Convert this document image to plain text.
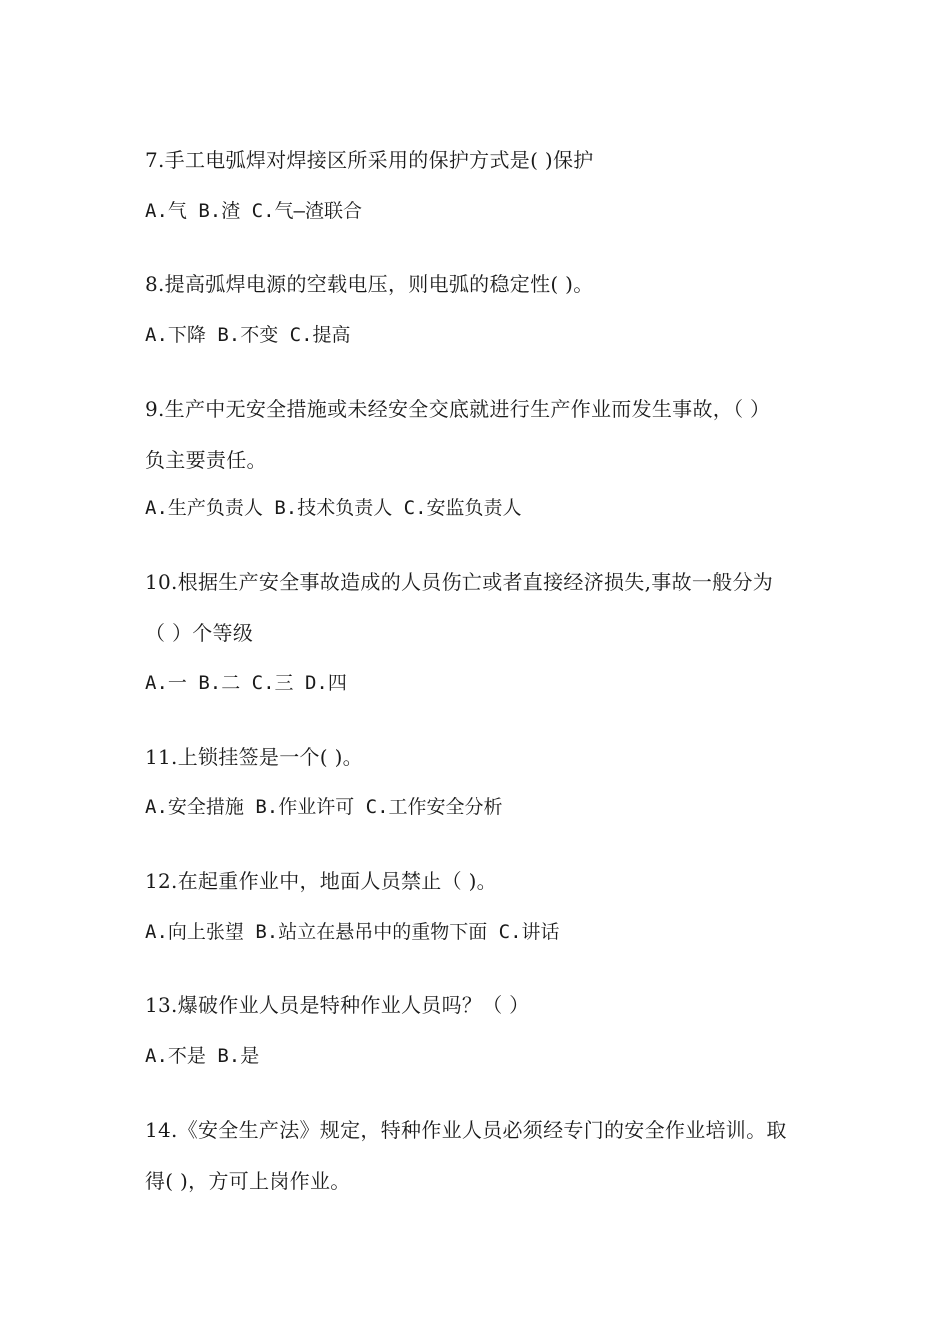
7.手工电弧焊对焊接区所采用的保护方式是( )保护
A.气 B.渣 C.气—渣联合
8.提高弧焊电源的空载电压，则电弧的稳定性( )。
A.下降 B.不变 C.提高
9.生产中无安全措施或未经安全交底就进行生产作业而发生事故，（ ）
负主要责任。
A.生产负责人 B.技术负责人 C.安监负责人
10.根据生产安全事故造成的人员伤亡或者直接经济损失,事故一般分为
（ ）个等级
A.一 B.二 C.三 D.四
11.上锁挂签是一个( )。
A.安全措施 B.作业许可 C.工作安全分析
12.在起重作业中，地面人员禁止（ )。
A.向上张望 B.站立在悬吊中的重物下面 C.讲话
13.爆破作业人员是特种作业人员吗？（ ）
A.不是 B.是
14.《安全生产法》规定，特种作业人员必须经专门的安全作业培训。取
得( )，方可上岗作业。
